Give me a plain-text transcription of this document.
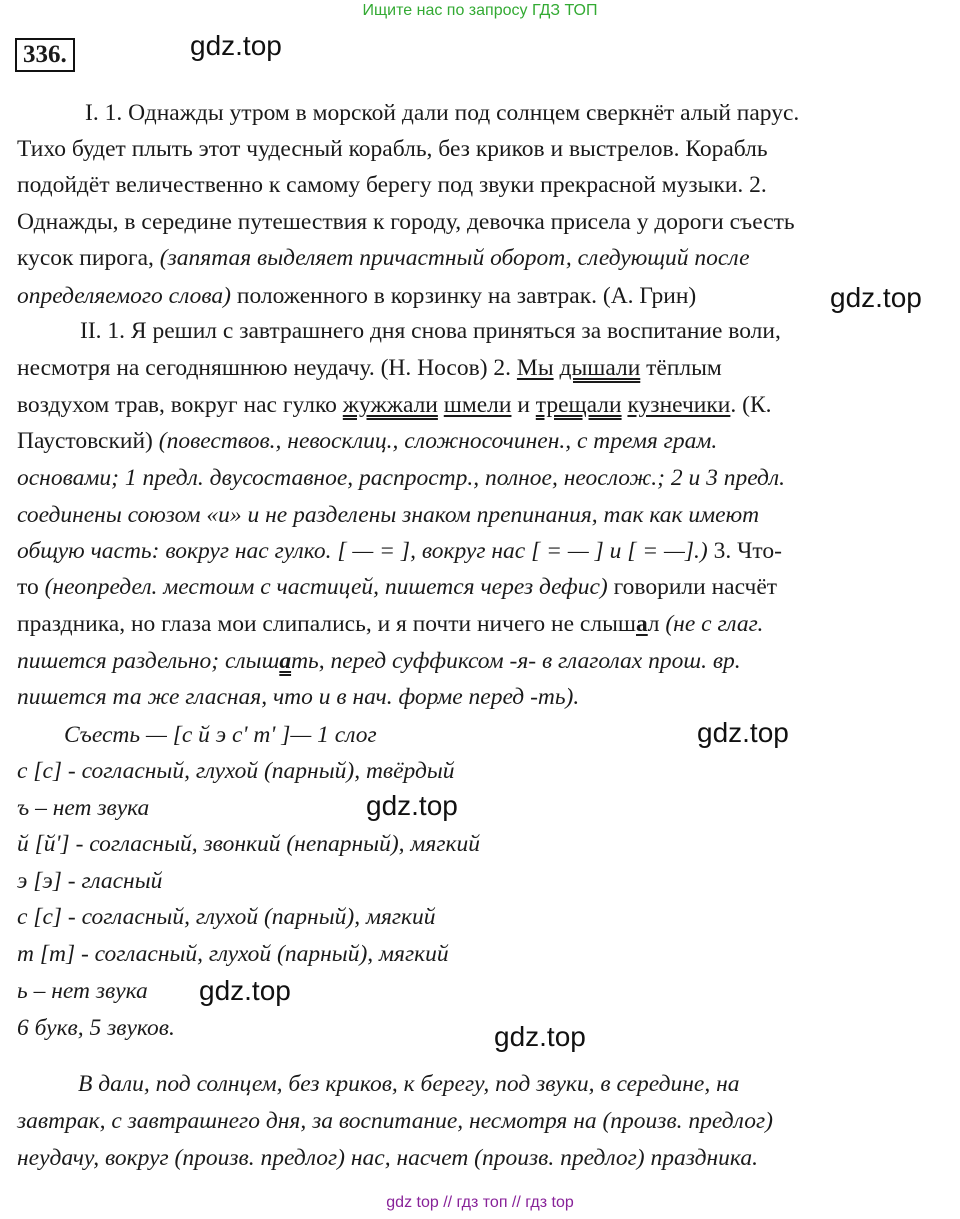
Ищите нас по запросу ГДЗ ТОП
336.	gdz.top
gdz.top
gdz.top
gdz.top
gdz.top
gdz.top
I. 1. Однажды утром в морской дали под солнцем сверкнёт алый парус.
Тихо будет плыть этот чудесный корабль, без криков и выстрелов. Корабль
подойдёт величественно к самому берегу под звуки прекрасной музыки. 2.
Однажды, в середине путешествия к городу, девочка присела у дороги съесть
кусок пирога, (запятая выделяет причастный оборот, следующий после
определяемого слова) положенного в корзинку на завтрак. (А. Грин)
II. 1. Я решил с завтрашнего дня снова приняться за воспитание воли,
несмотря на сегодняшнюю неудачу. (Н. Носов) 2. Мы дышали тёплым
воздухом трав, вокруг нас гулко жужжали шмели и трещали кузнечики. (К.
Паустовский) (повествов., невосклиц., сложносочинен., с тремя грам.
основами; 1 предл. двусоставное, распростр., полное, неослож.; 2 и 3 предл.
соединены союзом «и» и не разделены знаком препинания, так как имеют
общую часть: вокруг нас гулко. [ — = ], вокруг нас [ = — ] и [ = —].) 3. Что-
то (неопредел. местоим с частицей, пишется через дефис) говорили насчёт
праздника, но глаза мои слипались, и я почти ничего не слышал (не с глаг.
пишется раздельно; слышать, перед суффиксом -я- в глаголах прош. вр.
пишется та же гласная, что и в нач. форме перед -ть).
Съесть — [с й э с' т' ]— 1 слог
с [с] - согласный, глухой (парный), твёрдый
ъ – нет звука
й [й'] - согласный, звонкий (непарный), мягкий
э [э] - гласный
с [с] - согласный, глухой (парный), мягкий
т [т] - согласный, глухой (парный), мягкий
ь – нет звука
6 букв, 5 звуков.
В дали, под солнцем, без криков, к берегу, под звуки, в середине, на
завтрак, с завтрашнего дня, за воспитание, несмотря на (произв. предлог)
неудачу, вокруг (произв. предлог) нас, насчет (произв. предлог) праздника.
gdz top // гдз топ // гдз top
